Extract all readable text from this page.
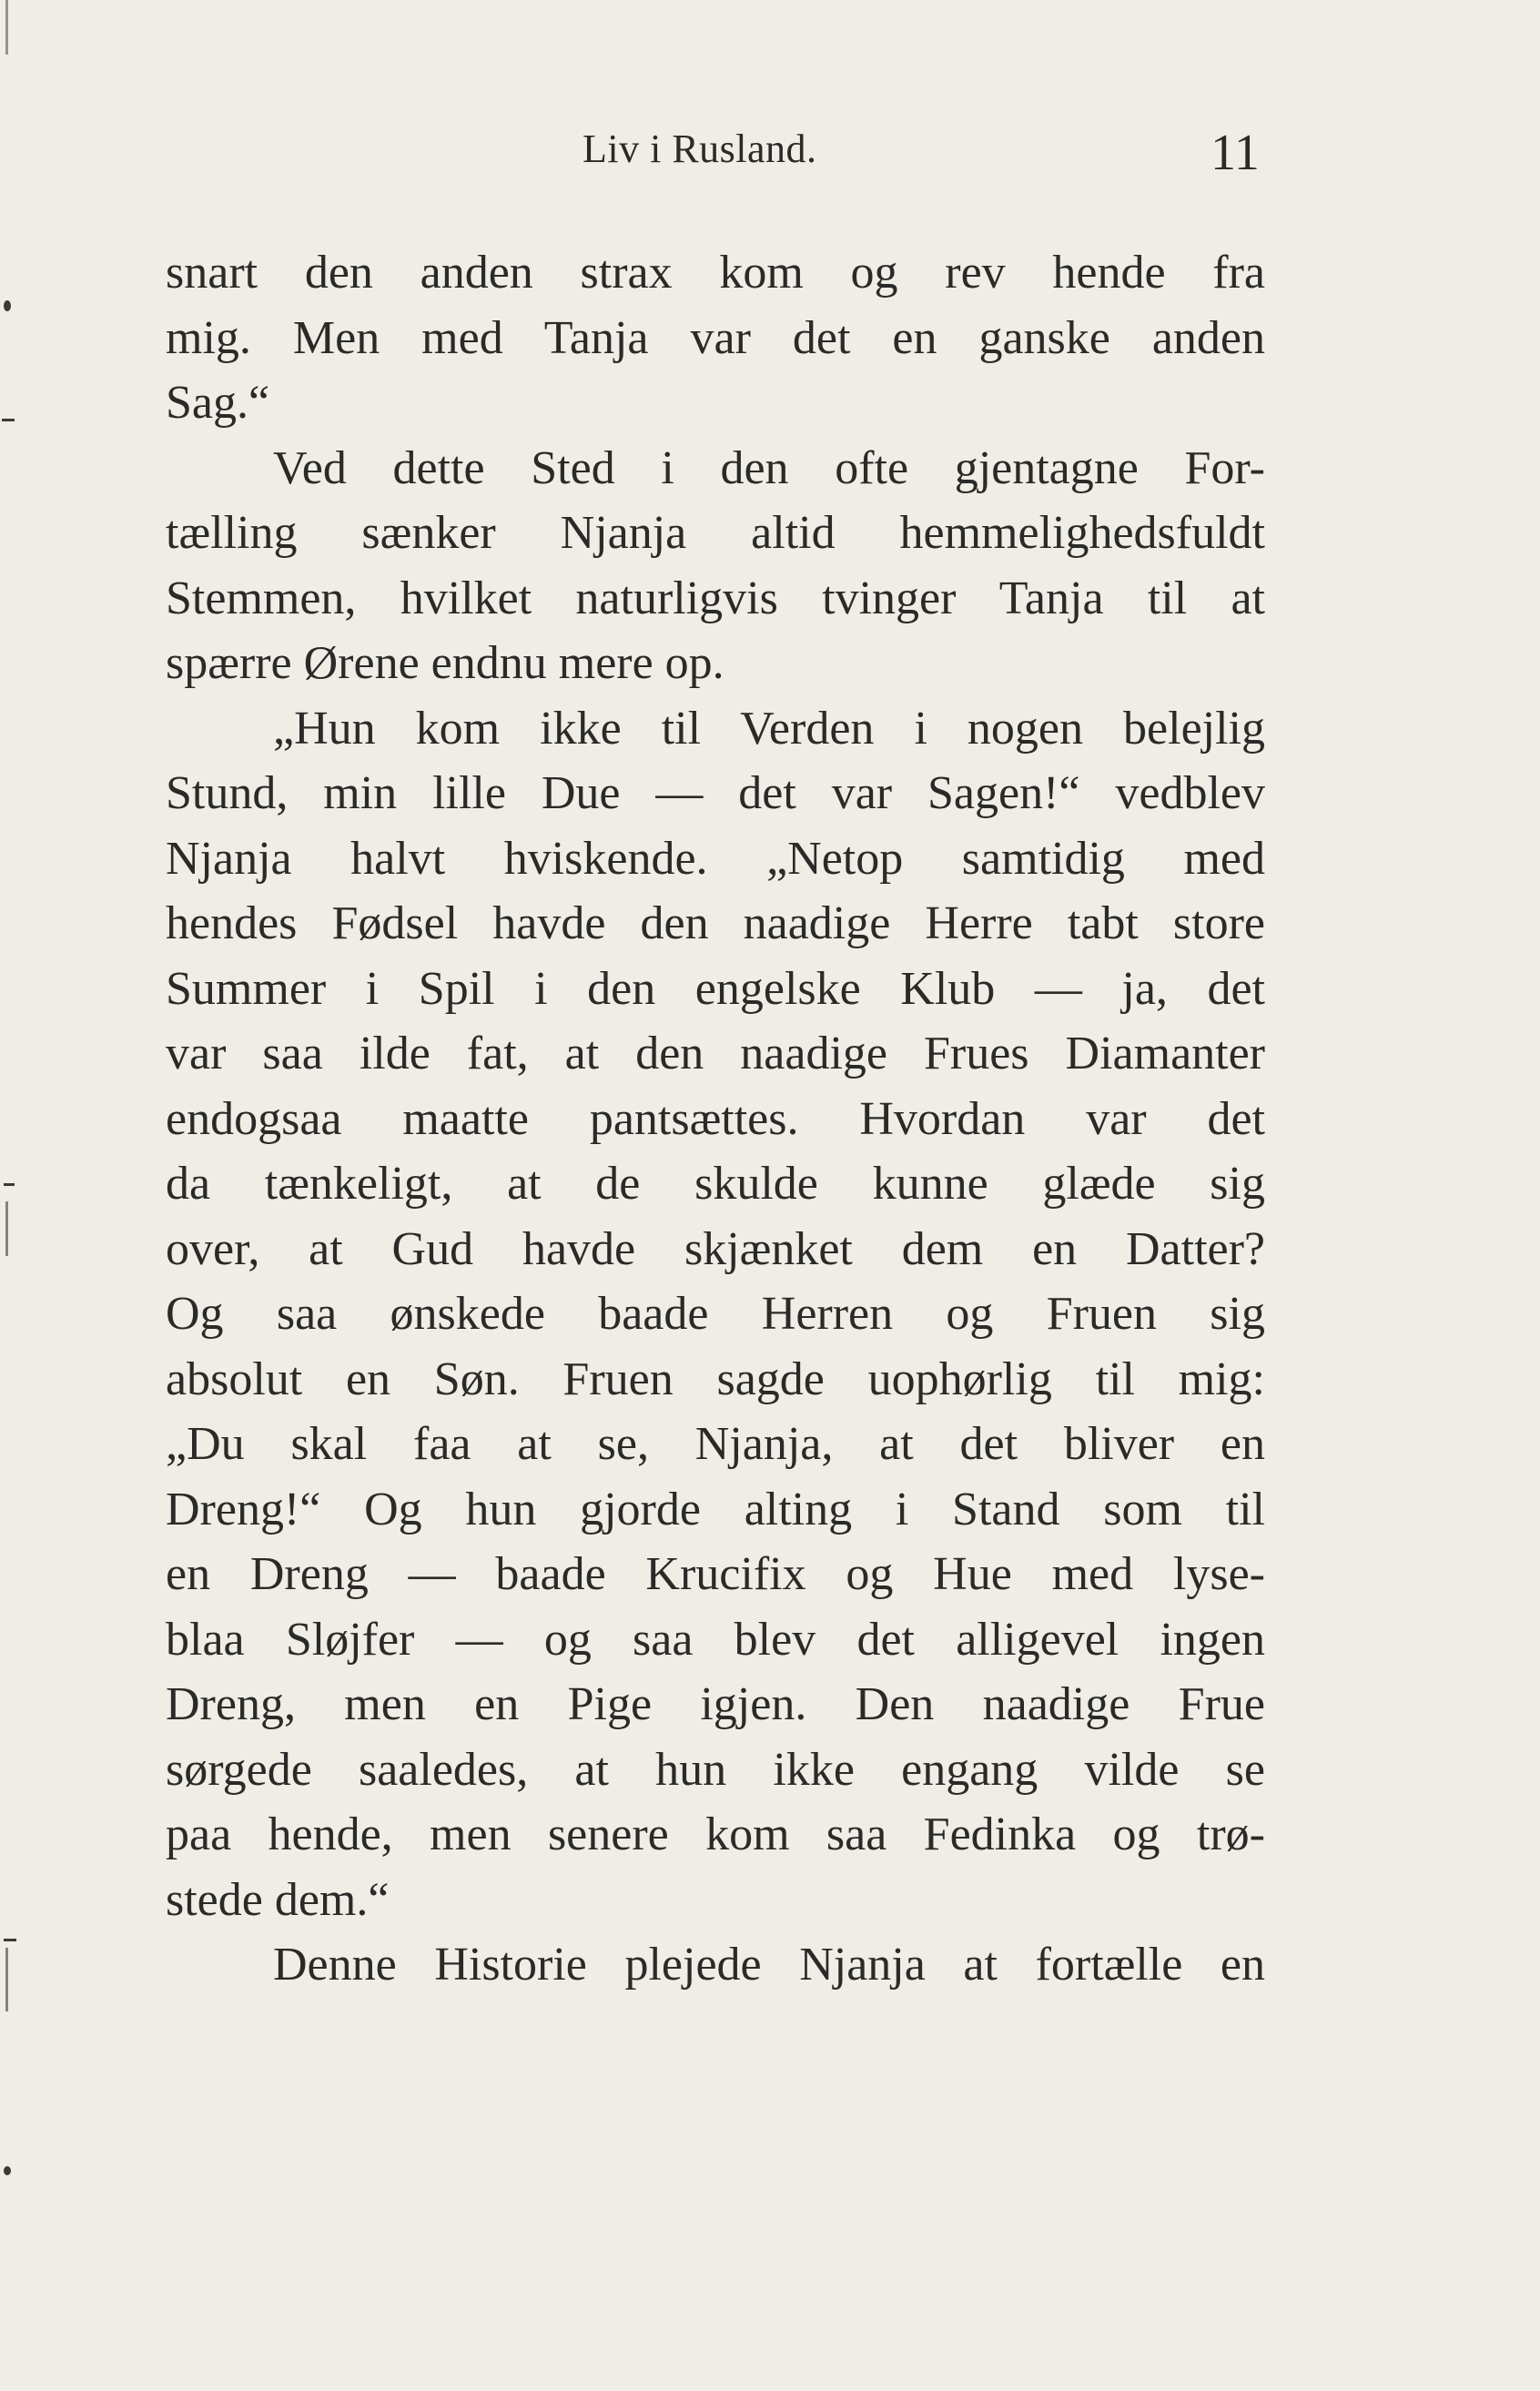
Liv i Rusland.	11
snart den anden strax kom og rev hende fra
mig. Men med Tanja var det en ganske anden
Sag.“
Ved dette Sted i den ofte gjentagne For-
tælling sænker Njanja altid hemmelighedsfuldt
Stemmen, hvilket naturligvis tvinger Tanja til at
spærre Ørene endnu mere op.
„Hun kom ikke til Verden i nogen belejlig
Stund, min lille Due — det var Sagen!“ vedblev
Njanja halvt hviskende. „Netop samtidig med
hendes Fødsel havde den naadige Herre tabt store
Summer i Spil i den engelske Klub — ja, det
var saa ilde fat, at den naadige Frues Diamanter
endogsaa maatte pantsættes. Hvordan var det
da tænkeligt, at de skulde kunne glæde sig
over, at Gud havde skjænket dem en Datter?
Og saa ønskede baade Herren og Fruen sig
absolut en Søn. Fruen sagde uophørlig til mig:
„Du skal faa at se, Njanja, at det bliver en
Dreng!“ Og hun gjorde alting i Stand som til
en Dreng — baade Krucifix og Hue med lyse-
blaa Sløjfer — og saa blev det alligevel ingen
Dreng, men en Pige igjen. Den naadige Frue
sørgede saaledes, at hun ikke engang vilde se
paa hende, men senere kom saa Fedinka og trø-
stede dem.“
Denne Historie plejede Njanja at fortælle en
